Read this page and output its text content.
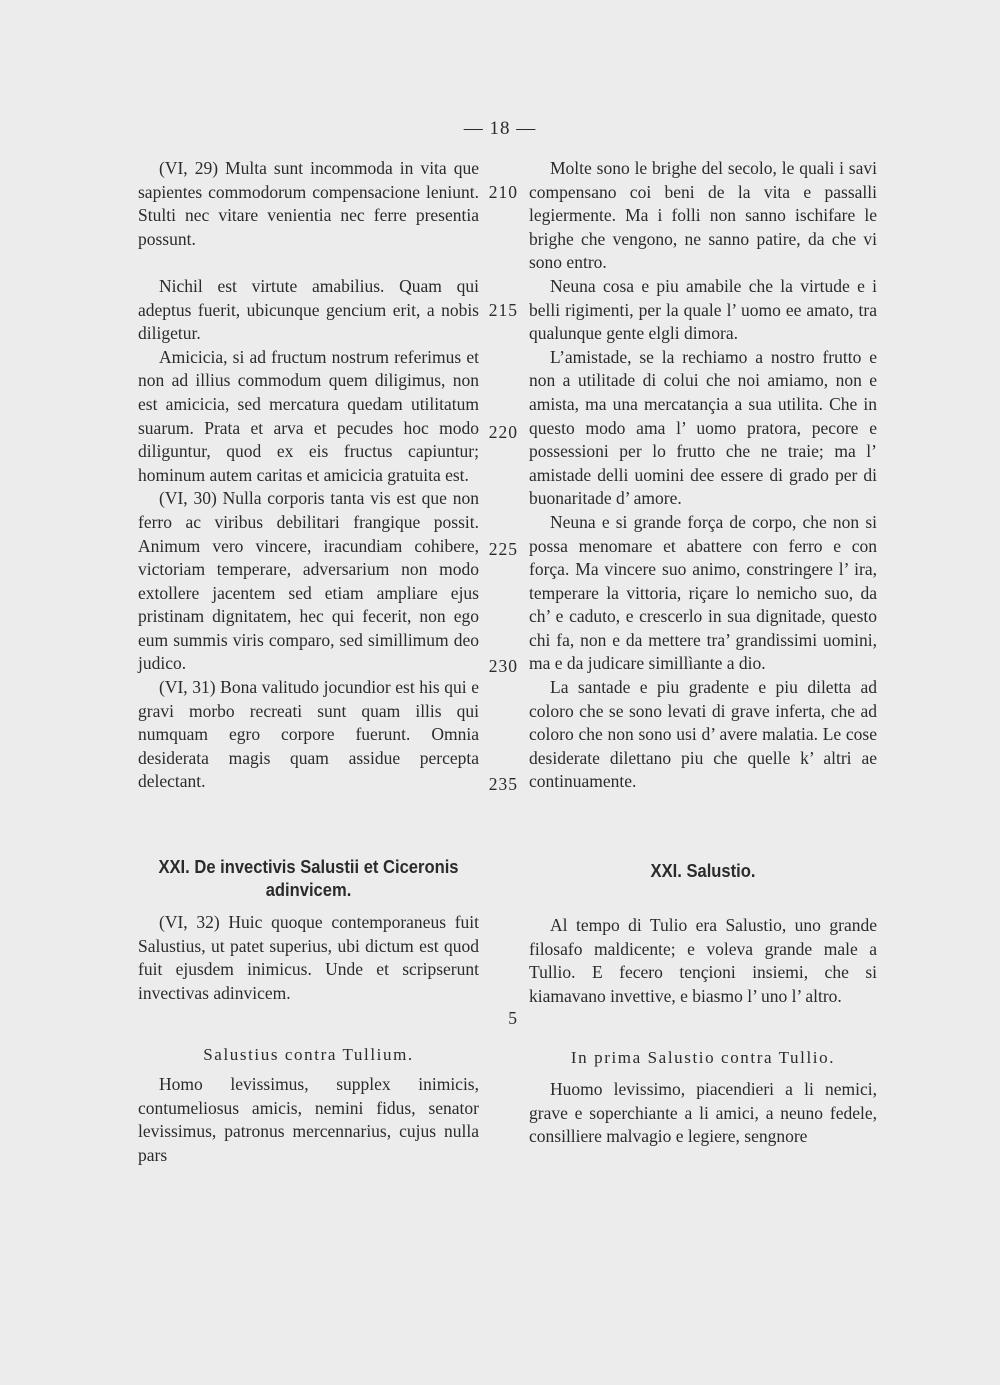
— 18 —

(VI, 29) Multa sunt incommoda in vita que sapientes commodorum compensacione leniunt. Stulti nec vitare venientia nec ferre presentia possunt.

Nichil est virtute amabilius. Quam qui adeptus fuerit, ubicunque gencium erit, a nobis diligetur.

Amicicia, si ad fructum nostrum referimus et non ad illius commodum quem diligimus, non est amicicia, sed mercatura quedam utilitatum suarum. Prata et arva et pecudes hoc modo diliguntur, quod ex eis fructus capiuntur; hominum autem caritas et amicicia gratuita est.

(VI, 30) Nulla corporis tanta vis est que non ferro ac viribus debilitari frangique possit. Animum vero vincere, iracundiam cohibere, victoriam temperare, adversarium non modo extollere jacentem sed etiam ampliare ejus pristinam dignitatem, hec qui fecerit, non ego eum summis viris comparo, sed simillimum deo judico.

(VI, 31) Bona valitudo jocundior est his qui e gravi morbo recreati sunt quam illis qui numquam egro corpore fuerunt. Omnia desiderata magis quam assidue percepta delectant.

Molte sono le brighe del secolo, le quali i savi compensano coi beni de la vita e passalli legiermente. Ma i folli non sanno ischifare le brighe che vengono, ne sanno patire, da che vi sono entro.

Neuna cosa e piu amabile che la virtude e i belli rigimenti, per la quale l’ uomo ee amato, tra qualunque gente elgli dimora.

L’amistade, se la rechiamo a nostro frutto e non a utilitade di colui che noi amiamo, non e amista, ma una mercatançia a sua utilita. Che in questo modo ama l’ uomo pratora, pecore e possessioni per lo frutto che ne traie; ma l’ amistade delli uomini dee essere di grado per di buonaritade d’ amore.

Neuna e si grande força de corpo, che non si possa menomare et abattere con ferro e con força. Ma vincere suo animo, constringere l’ ira, temperare la vittoria, riçare lo nemicho suo, da ch’ e caduto, e crescerlo in sua dignitade, questo chi fa, non e da mettere tra’ grandissimi uomini, ma e da judicare simillìante a dio.

La santade e piu gradente e piu diletta ad coloro che se sono levati di grave inferta, che ad coloro che non sono usi d’ avere malatia. Le cose desiderate dilettano piu che quelle k’ altri ae continuamente.

210
215
220
225
230
235
XXI. De invectivis Salustii et Ciceronis adinvicem.
XXI. Salustio.

(VI, 32) Huic quoque contemporaneus fuit Salustius, ut patet superius, ubi dictum est quod fuit ejusdem inimicus. Unde et scripserunt invectivas adinvicem.

Al tempo di Tulio era Salustio, uno grande filosafo maldicente; e voleva grande male a Tullio. E fecero tençioni insiemi, che si kiamavano invettive, e biasmo l’ uno l’ altro.

5
Salustius contra Tullium.	In prima Salustio contra Tullio.

Homo levissimus, supplex inimicis, contumeliosus amicis, nemini fidus, senator levissimus, patronus mercennarius, cujus nulla pars

Huomo levissimo, piacendieri a li nemici, grave e soperchiante a li amici, a neuno fedele, consilliere malvagio e legiere, sengnore
